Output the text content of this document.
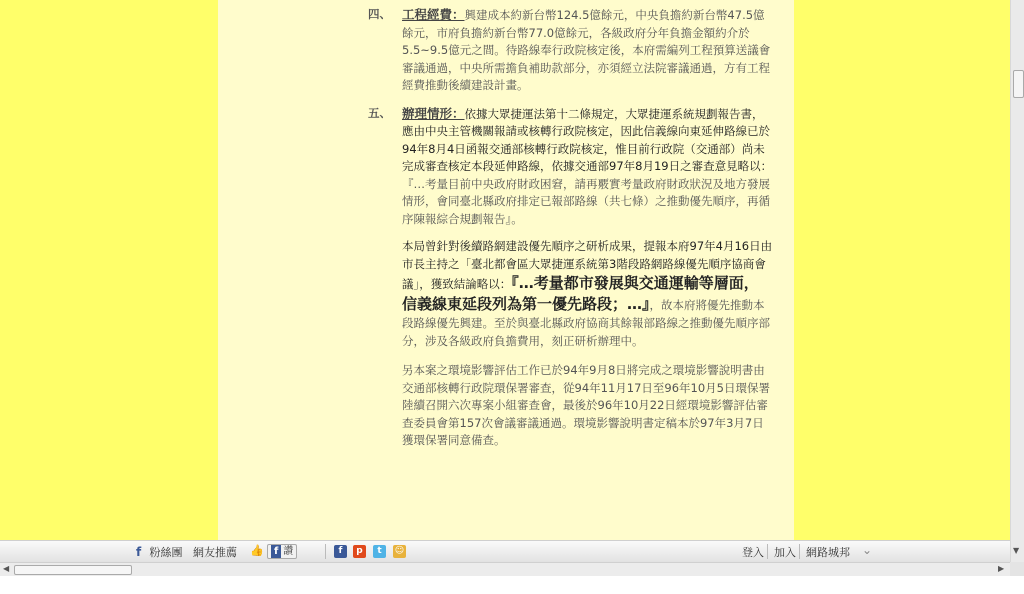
四、 工程經費：興建成本約新台幣124.5億餘元，中央負擔約新台幣47.5億餘元，市府負擔約新台幣77.0億餘元，各級政府分年負擔金額約介於5.5~9.5億元之間。待路線奉行政院核定後，本府需編列工程預算送議會審議通過，中央所需擔負補助款部分，亦須經立法院審議通過，方有工程經費推動後續建設計畫。
五、 辦理情形：依據大眾捷運法第十二條規定，大眾捷運系統規劃報告書，應由中央主管機關報請或核轉行政院核定，因此信義線向東延伸路線已於94年8月4日函報交通部核轉行政院核定，惟目前行政院（交通部）尚未完成審查核定本段延伸路線，依據交通部97年8月19日之審查意見略以：『…考量目前中央政府財政困窘，請再覈實考量政府財政狀況及地方發展情形，會同臺北縣政府排定已報部路線（共七條）之推動優先順序，再循序陳報綜合規劃報告』。
本局曾針對後續路網建設優先順序之研析成果，提報本府97年4月16日由市長主持之「臺北都會區大眾捷運系統第3階段路網路線優先順序協商會議」，獲致結論略以：『…考量都市發展與交通運輸等層面，信義線東延段列為第一優先路段；…』，故本府將優先推動本段路線優先興建。至於與臺北縣政府協商其餘報部路線之推動優先順序部分，涉及各級政府負擔費用，刻正研析辦理中。
另本案之環境影響評估工作已於94年9月8日將完成之環境影響說明書由交通部核轉行政院環保署審查，從94年11月17日至96年10月5日環保署陸續召開六次專案小組審查會，最後於96年10月22日經環境影響評估審查委員會第157次會議審議通過。環境影響說明書定稿本於97年3月7日獲環保署同意備查。
▼
f 粉絲團 網友推薦 👍 f 讚	f	p	t	☺	登入 加入 網路城邦 ⌄
◀	▶
